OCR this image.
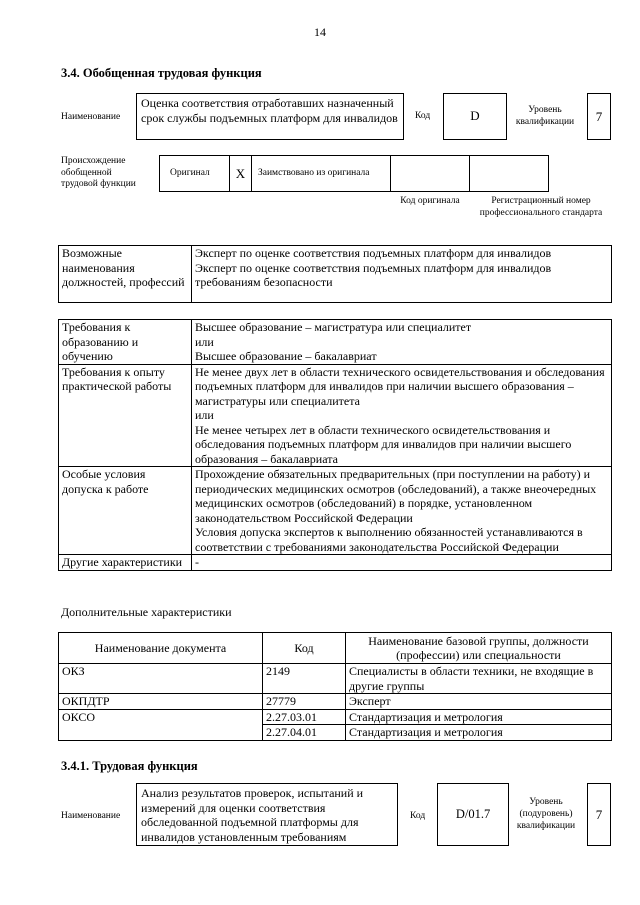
14
3.4. Обобщенная трудовая функция
Наименование
Оценка соответствия отработавших назначенный срок службы подъемных платформ для инвалидов	Код	D	Уровень квалификации	7
Происхождение обобщенной трудовой функции
Оригинал	X	Заимствовано из оригинала
Код оригинала	Регистрационный номер профессионального стандарта
Возможные наименования должностей, профессий	Эксперт по оценке соответствия подъемных платформ для инвалидов
Эксперт по оценке соответствия подъемных платформ для инвалидов требованиям безопасности
Требования к образованию и обучению	Высшее образование – магистратура или специалитет
или
Высшее образование – бакалавриат
Требования к опыту практической работы	Не менее двух лет в области технического освидетельствования и обследования подъемных платформ для инвалидов при наличии высшего образования – магистратуры или специалитета
или
Не менее четырех лет в области технического освидетельствования и обследования подъемных платформ для инвалидов при наличии высшего образования – бакалавриата
Особые условия допуска к работе	Прохождение обязательных предварительных (при поступлении на работу) и периодических медицинских осмотров (обследований), а также внеочередных медицинских осмотров (обследований) в порядке, установленном законодательством Российской Федерации
Условия допуска экспертов к выполнению обязанностей устанавливаются в соответствии с требованиями законодательства Российской Федерации
Другие характеристики	-
Дополнительные характеристики
Наименование документа	Код	Наименование базовой группы, должности (профессии) или специальности
ОКЗ	2149	Специалисты в области техники, не входящие в другие группы
ОКПДТР	27779	Эксперт
ОКСО	2.27.03.01	Стандартизация и метрология
	2.27.04.01	Стандартизация и метрология
3.4.1. Трудовая функция
Наименование
Анализ результатов проверок, испытаний и измерений для оценки соответствия обследованной подъемной платформы для инвалидов установленным требованиям
Код	D/01.7
Уровень (подуровень) квалификации
7
